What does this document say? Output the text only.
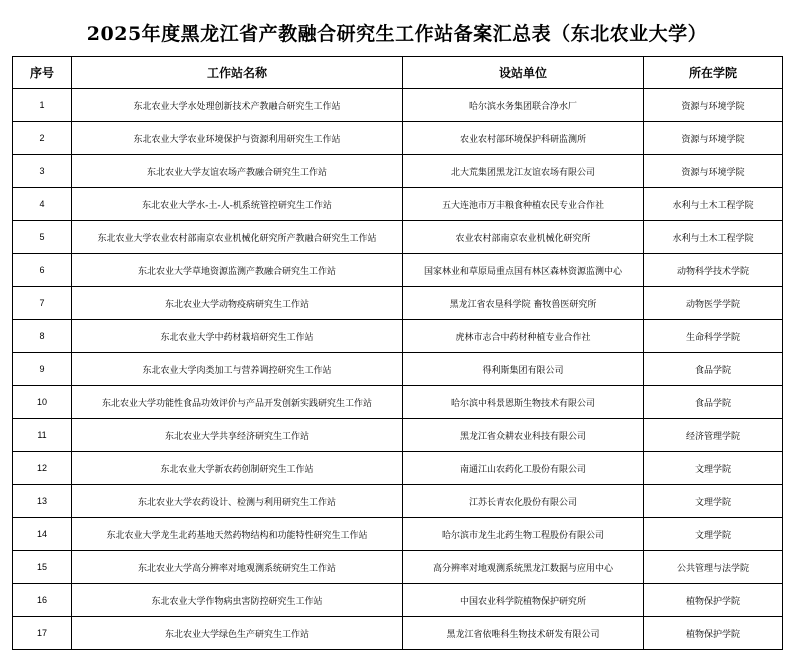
2025年度黑龙江省产教融合研究生工作站备案汇总表（东北农业大学）
序号	工作站名称	设站单位	所在学院
1	东北农业大学水处理创新技术产教融合研究生工作站	哈尔滨水务集团联合净水厂	资源与环境学院
2	东北农业大学农业环境保护与资源利用研究生工作站	农业农村部环境保护科研监测所	资源与环境学院
3	东北农业大学友谊农场产教融合研究生工作站	北大荒集团黑龙江友谊农场有限公司	资源与环境学院
4	东北农业大学水-土-人-机系统管控研究生工作站	五大连池市万丰粮食种植农民专业合作社	水利与土木工程学院
5	东北农业大学农业农村部南京农业机械化研究所产教融合研究生工作站	农业农村部南京农业机械化研究所	水利与土木工程学院
6	东北农业大学草地资源监测产教融合研究生工作站	国家林业和草原局重点国有林区森林资源监测中心	动物科学技术学院
7	东北农业大学动物疫病研究生工作站	黑龙江省农垦科学院 畜牧兽医研究所	动物医学学院
8	东北农业大学中药材栽培研究生工作站	虎林市志合中药材种植专业合作社	生命科学学院
9	东北农业大学肉类加工与营养调控研究生工作站	得利斯集团有限公司	食品学院
10	东北农业大学功能性食品功效评价与产品开发创新实践研究生工作站	哈尔滨中科景恩斯生物技术有限公司	食品学院
11	东北农业大学共享经济研究生工作站	黑龙江省众耕农业科技有限公司	经济管理学院
12	东北农业大学新农药创制研究生工作站	南通江山农药化工股份有限公司	文理学院
13	东北农业大学农药设计、检测与利用研究生工作站	江苏长青农化股份有限公司	文理学院
14	东北农业大学龙生北药基地天然药物结构和功能特性研究生工作站	哈尔滨市龙生北药生物工程股份有限公司	文理学院
15	东北农业大学高分辨率对地观测系统研究生工作站	高分辨率对地观测系统黑龙江数据与应用中心	公共管理与法学院
16	东北农业大学作物病虫害防控研究生工作站	中国农业科学院植物保护研究所	植物保护学院
17	东北农业大学绿色生产研究生工作站	黑龙江省依唯科生物技术研发有限公司	植物保护学院
